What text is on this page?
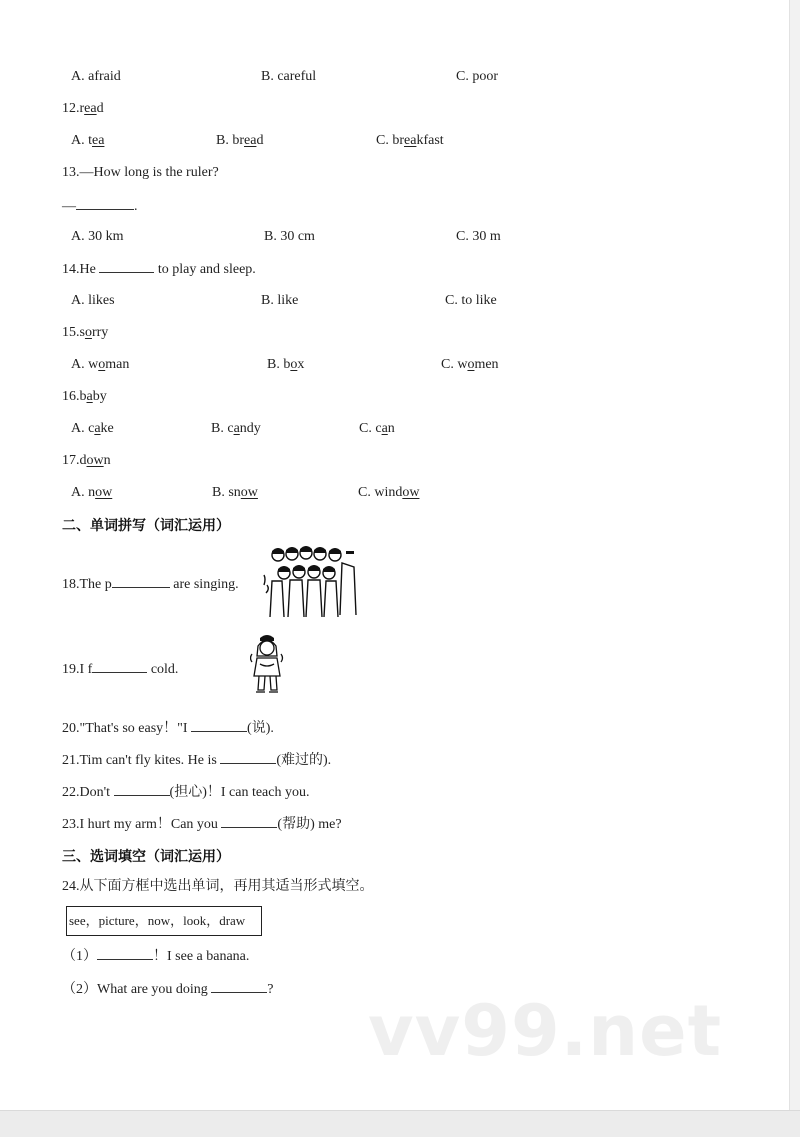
A. afraid	B. careful	C. poor
12.read
A. tea	B. bread	C. breakfast
13.—How long is the ruler?
—	.
A. 30 km	B. 30 cm	C. 30 m
14.He	to play and sleep.
A. likes	B. like	C. to like
15.sorry
A. woman	B. box	C. women
16.baby
A. cake	B. candy	C. can
17.down
A. now	B. snow	C. window
二、单词拼写（词汇运用）
18.The p	are singing.
19.I f	cold.
20."That's so easy！"I	(说).
21.Tim can't fly kites. He is	(难过的).
22.Don't	(担心)！I can teach you.
23.I hurt my arm！Can you	(帮助) me?
三、选词填空（词汇运用）
24.从下面方框中选出单词，再用其适当形式填空。
see，picture，now，look，draw
（1）	！I see a banana.
（2）What are you doing	?
vv99.net
